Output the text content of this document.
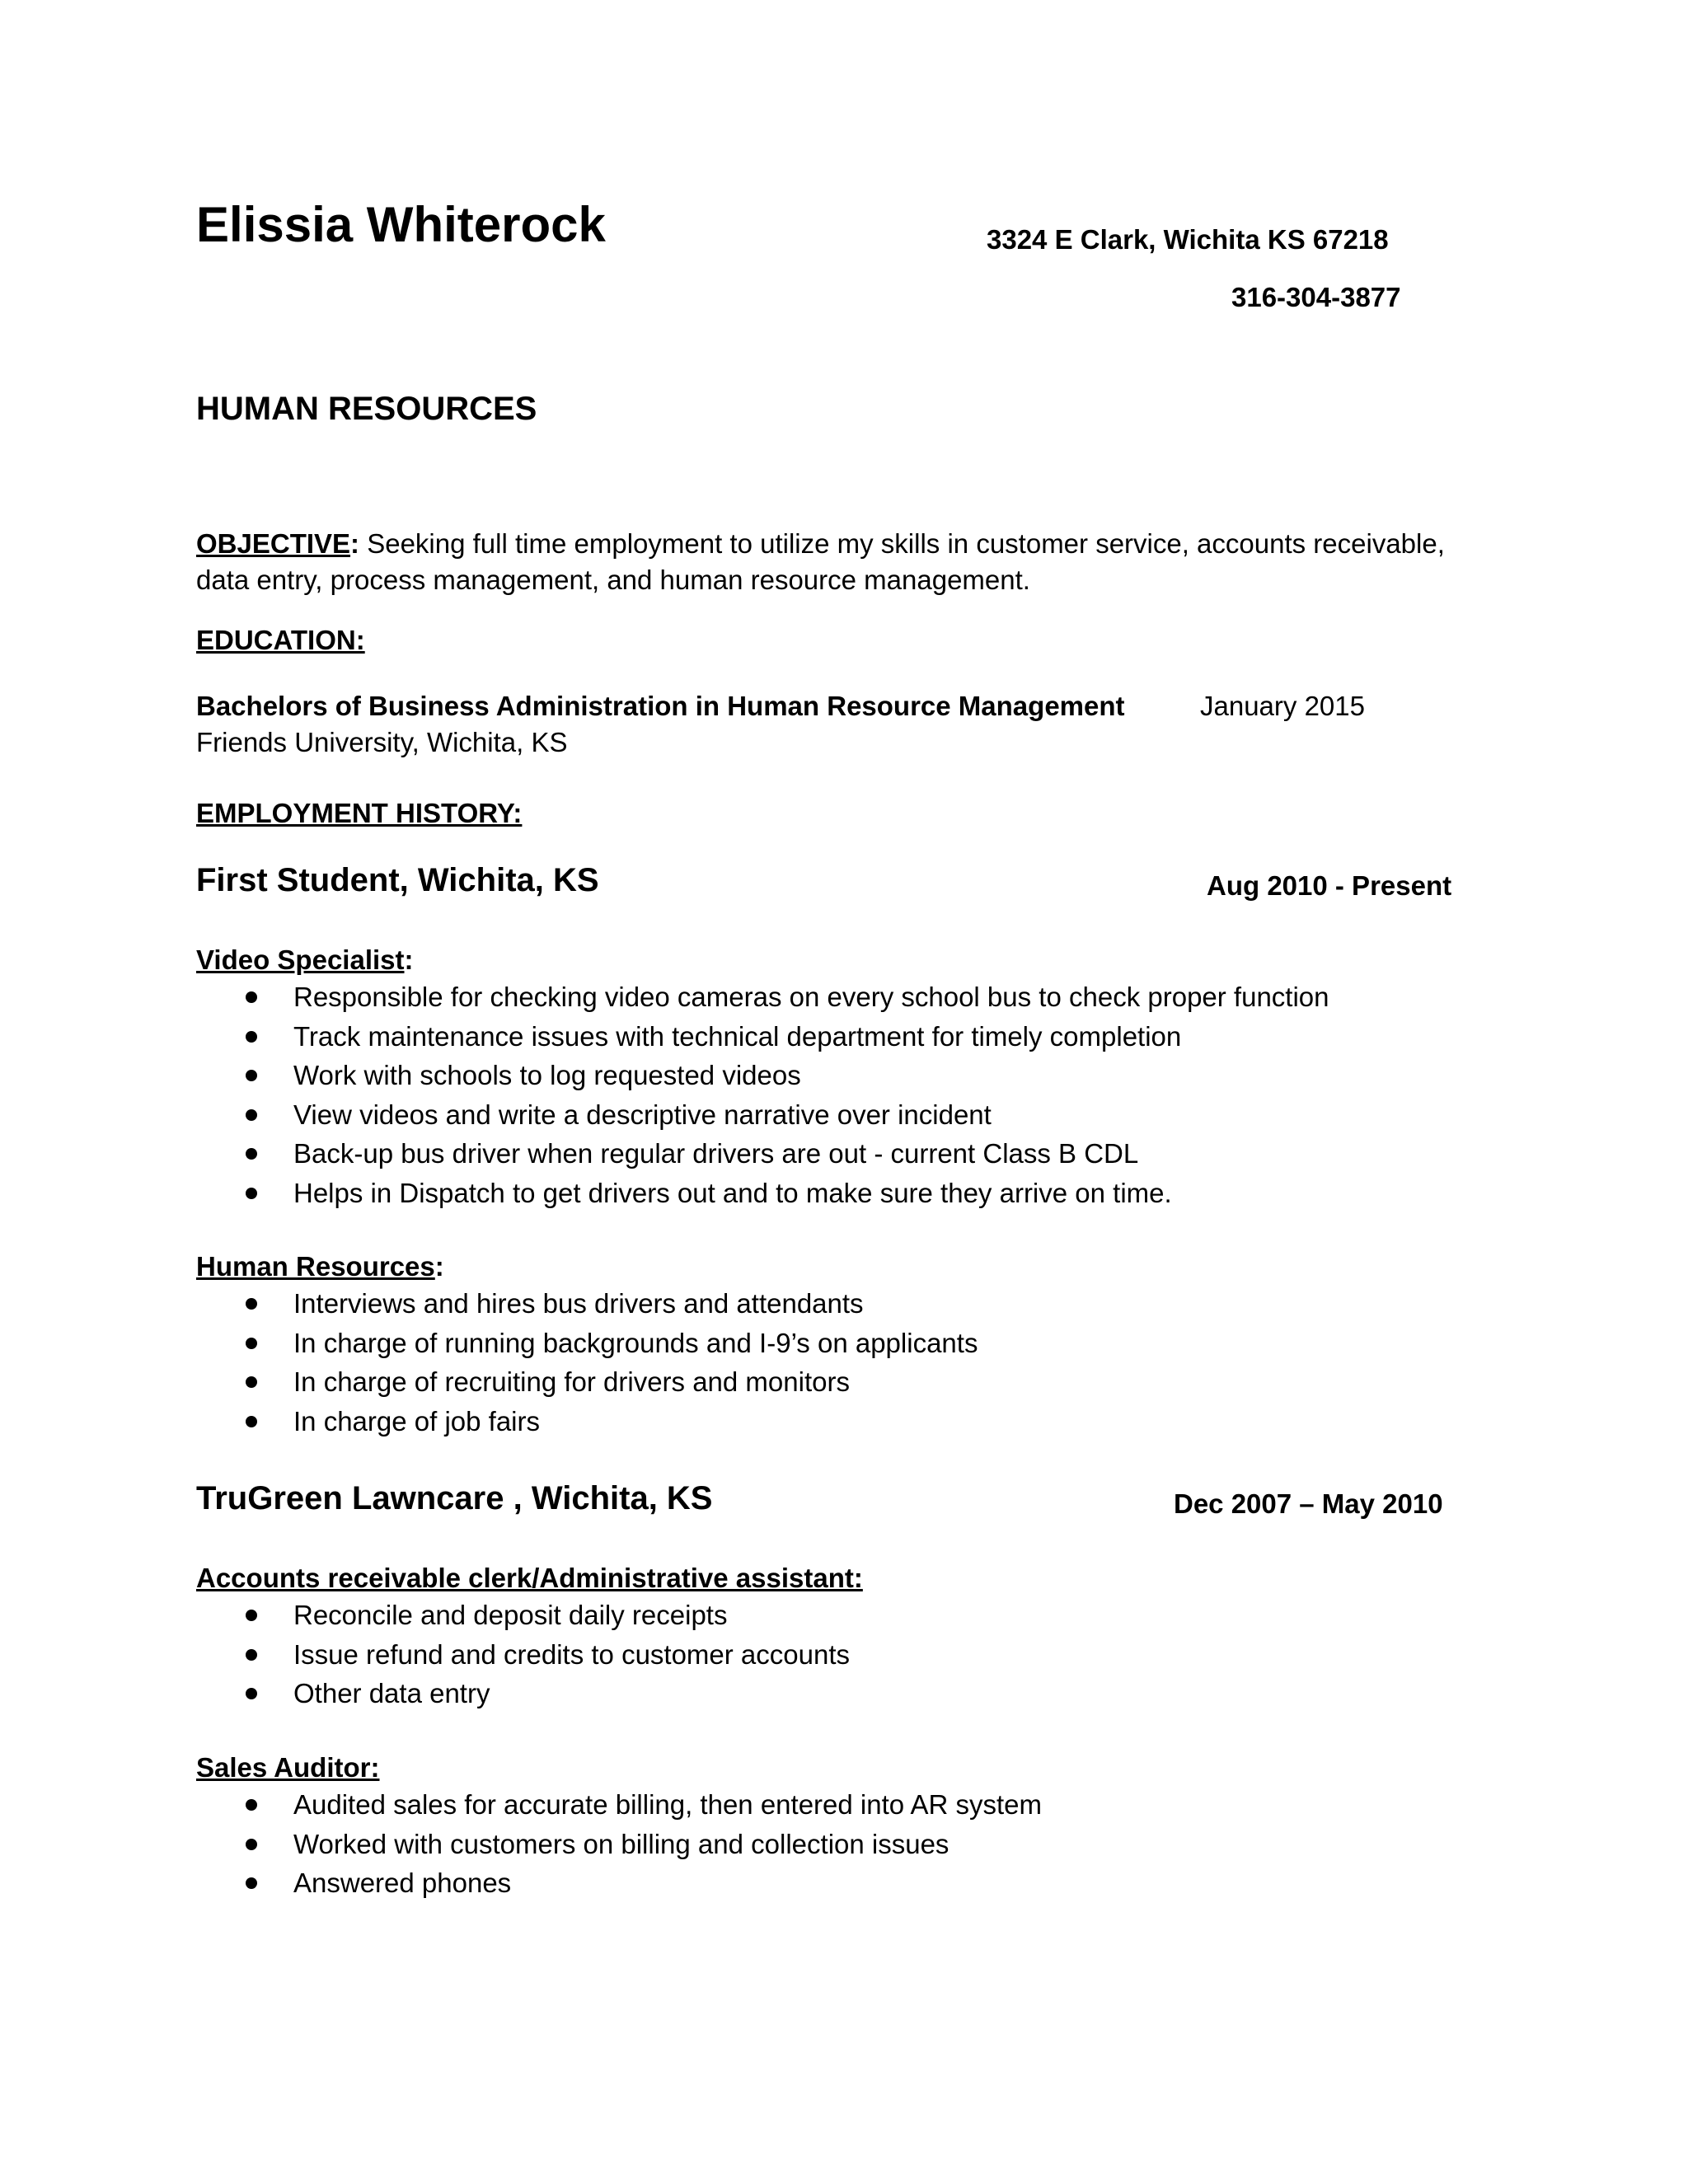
Elissia Whiterock	3324 E Clark, Wichita KS 67218
316-304-3877
HUMAN RESOURCES
OBJECTIVE: Seeking full time employment to utilize my skills in customer service, accounts receivable, data entry, process management, and human resource management.
EDUCATION:
Bachelors of Business Administration in Human Resource Management	January 2015
Friends University, Wichita, KS
EMPLOYMENT HISTORY:
First Student, Wichita, KS	Aug 2010 - Present
Video Specialist:
Responsible for checking video cameras on every school bus to check proper function
Track maintenance issues with technical department for timely completion
Work with schools to log requested videos
View videos and write a descriptive narrative over incident
Back-up bus driver when regular drivers are out - current Class B CDL
Helps in Dispatch to get drivers out and to make sure they arrive on time.
Human Resources:
Interviews and hires bus drivers and attendants
In charge of running backgrounds and I-9’s on applicants
In charge of recruiting for drivers and monitors
In charge of job fairs
TruGreen Lawncare , Wichita, KS	Dec 2007 – May 2010
Accounts receivable clerk/Administrative assistant:
Reconcile and deposit daily receipts
Issue refund and credits to customer accounts
Other data entry
Sales Auditor:
Audited sales for accurate billing, then entered into AR system
Worked with customers on billing and collection issues
Answered phones
